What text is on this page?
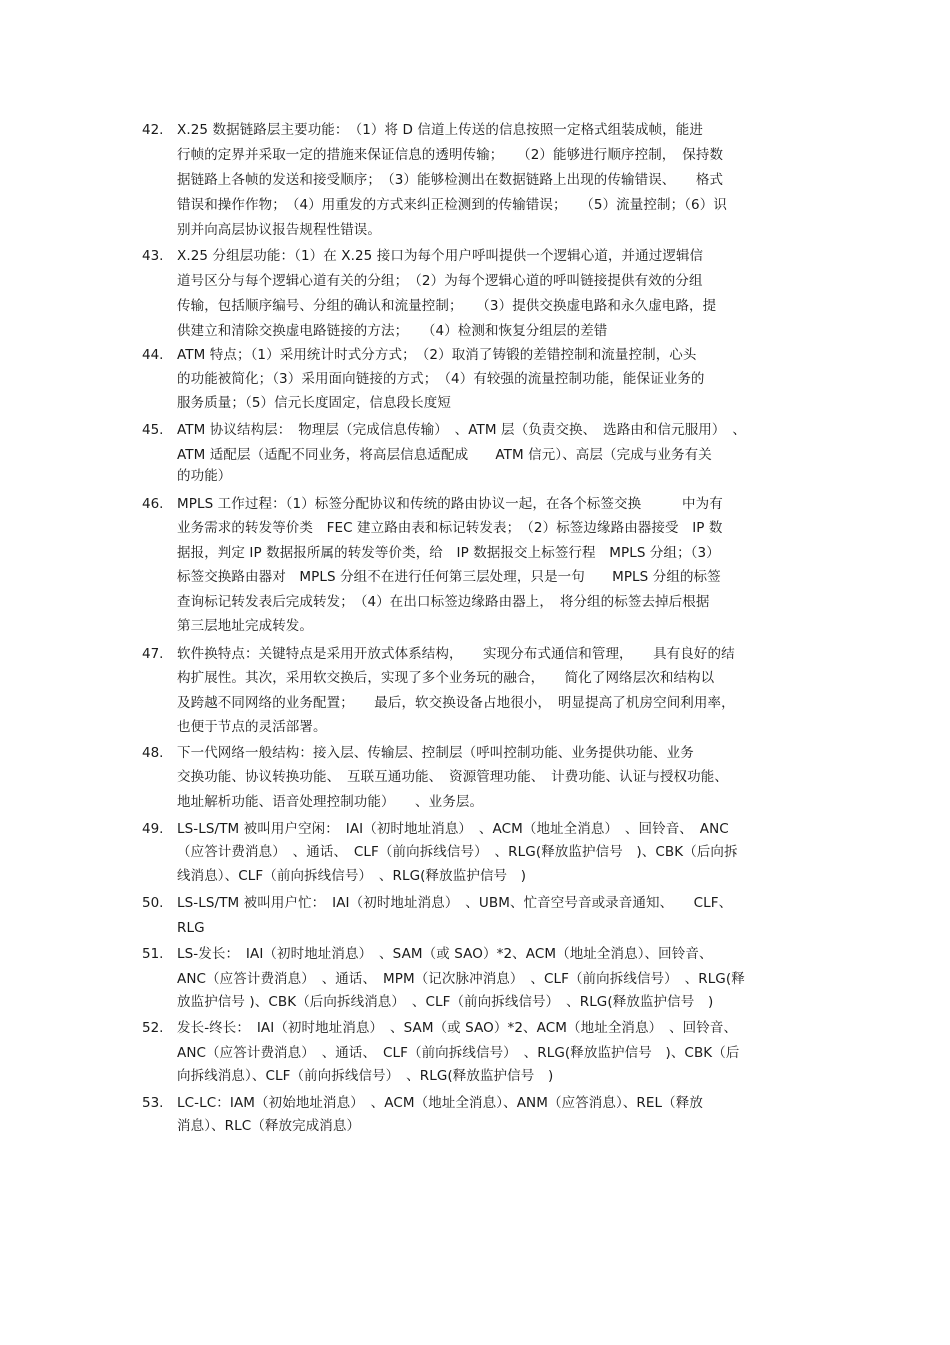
42.	X.25 数据链路层主要功能：　（1）将 D 信道上传送的信息按照一定格式组装成帧，能进
行帧的定界并采取一定的措施来保证信息的透明传输；　　（2）能够进行顺序控制，　保持数
据链路上各帧的发送和接受顺序；　（3）能够检测出在数据链路上出现的传输错误、　　格式
错误和操作作物；　（4）用重发的方式来纠正检测到的传输错误；　　（5）流量控制；（6）识
别并向高层协议报告规程性错误。
43.	X.25 分组层功能：（1）在 X.25 接口为每个用户呼叫提供一个逻辑心道，并通过逻辑信
道号区分与每个逻辑心道有关的分组；　（2）为每个逻辑心道的呼叫链接提供有效的分组
传输，包括顺序编号、分组的确认和流量控制；　　（3）提供交换虚电路和永久虚电路，提
供建立和清除交换虚电路链接的方法；　　（4）检测和恢复分组层的差错
44.	ATM 特点；（1）采用统计时式分方式；　（2）取消了铸锻的差错控制和流量控制，心头
的功能被简化；（3）采用面向链接的方式；　（4）有较强的流量控制功能，能保证业务的
服务质量；（5）信元长度固定，信息段长度短
45.	ATM 协议结构层：　物理层（完成信息传输）　、ATM 层（负责交换、　选路由和信元服用）　、
ATM 适配层（适配不同业务，将高层信息适配成　　ATM 信元）、高层（完成与业务有关
的功能）
46.	MPLS 工作过程：（1）标签分配协议和传统的路由协议一起，在各个标签交换　　　中为有
业务需求的转发等价类　FEC 建立路由表和标记转发表；　（2）标签边缘路由器接受　IP 数
据报，判定 IP 数据报所属的转发等价类，给　IP 数据报交上标签行程　MPLS 分组；（3）
标签交换路由器对　MPLS 分组不在进行任何第三层处理，只是一句　　MPLS 分组的标签
查询标记转发表后完成转发；　（4）在出口标签边缘路由器上，　将分组的标签去掉后根据
第三层地址完成转发。
47.	软件换特点：关键特点是采用开放式体系结构，　　实现分布式通信和管理，　　具有良好的结
构扩展性。其次，采用软交换后，实现了多个业务玩的融合，　　简化了网络层次和结构以
及跨越不同网络的业务配置；　　最后，软交换设备占地很小，　明显提高了机房空间利用率，
也便于节点的灵活部署。
48.	下一代网络一般结构：接入层、传输层、控制层（呼叫控制功能、业务提供功能、业务
交换功能、协议转换功能、　互联互通功能、　资源管理功能、　计费功能、认证与授权功能、
地址解析功能、语音处理控制功能）　　、业务层。
49.	LS-LS/TM 被叫用户空闲：　IAI（初时地址消息）　、ACM（地址全消息）　、回铃音、　ANC
（应答计费消息）　、通话、　CLF（前向拆线信号）　、RLG(释放监护信号　)、CBK（后向拆
线消息）、CLF（前向拆线信号）　、RLG(释放监护信号　)
50.	LS-LS/TM 被叫用户忙：　IAI（初时地址消息）　、UBM、忙音空号音或录音通知、　　CLF、
RLG
51.	LS-发长：　IAI（初时地址消息）　、SAM（或 SAO）*2、ACM（地址全消息）、回铃音、
ANC（应答计费消息）　、通话、　MPM（记次脉冲消息）　、CLF（前向拆线信号）　、RLG(释
放监护信号 )、CBK（后向拆线消息）　、CLF（前向拆线信号）　、RLG(释放监护信号　)
52.	发长-终长：　IAI（初时地址消息）　、SAM（或 SAO）*2、ACM（地址全消息）　、回铃音、
ANC（应答计费消息）　、通话、　CLF（前向拆线信号）　、RLG(释放监护信号　)、CBK（后
向拆线消息）、CLF（前向拆线信号）　、RLG(释放监护信号　)
53.	LC-LC：IAM（初始地址消息）　、ACM（地址全消息）、ANM（应答消息）、REL（释放
消息）、RLC（释放完成消息）
